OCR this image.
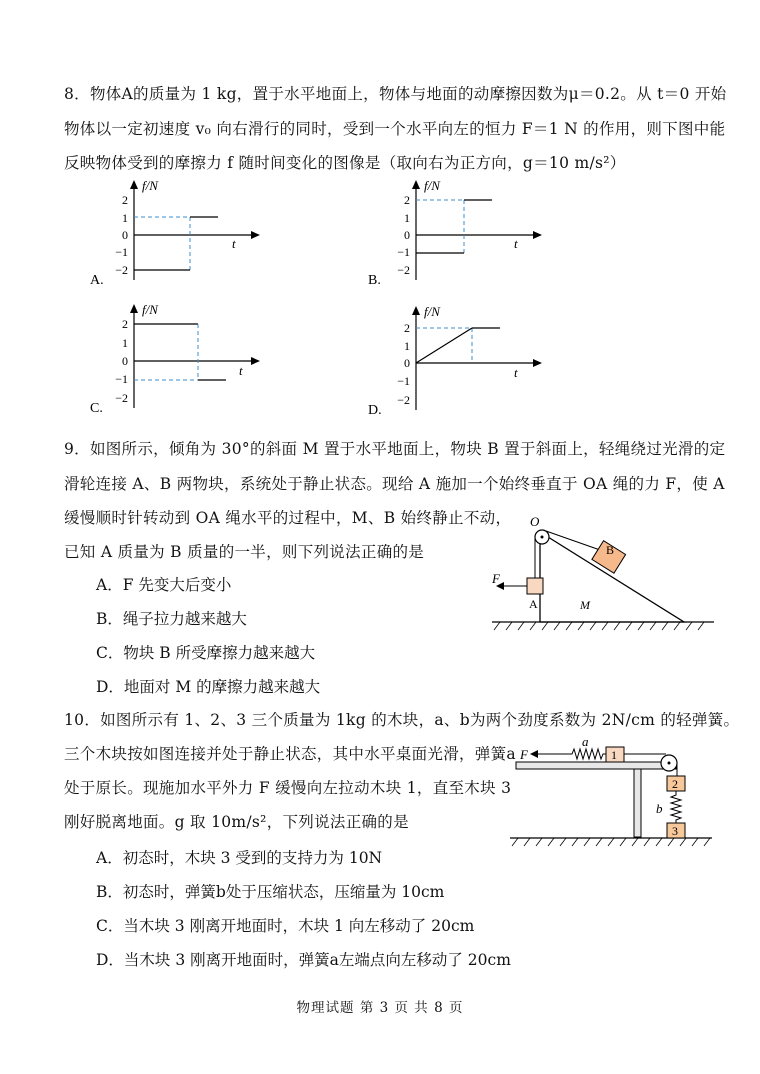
8．物体A的质量为 1 kg，置于水平地面上，物体与地面的动摩擦因数为μ＝0.2。从 t＝0 开始
物体以一定初速度 v₀ 向右滑行的同时，受到一个水平向左的恒力 F＝1 N 的作用，则下图中能
反映物体受到的摩擦力 f 随时间变化的图像是（取向右为正方向，g＝10 m/s²）
A.
f/N
t
2
1
0
−1
−2
B.
f/N
t
2
1
0
−1
−2
C.
f/N
t
2
1
0
−1
−2
D.
f/N
t
2
1
0
−1
−2
9．如图所示，倾角为 30°的斜面 M 置于水平地面上，物块 B 置于斜面上，轻绳绕过光滑的定
滑轮连接 A、B 两物块，系统处于静止状态。现给 A 施加一个始终垂直于 OA 绳的力 F，使 A
缓慢顺时针转动到 OA 绳水平的过程中，M、B 始终静止不动，
已知 A 质量为 B 质量的一半，则下列说法正确的是
A．F 先变大后变小
B．绳子拉力越来越大
C．物块 B 所受摩擦力越来越大
D．地面对 M 的摩擦力越来越大
O
B
F
A	M
10．如图所示有 1、2、3 三个质量为 1kg 的木块，a、b为两个劲度系数为 2N/cm 的轻弹簧。
三个木块按如图连接并处于静止状态，其中水平桌面光滑，弹簧a
处于原长。现施加水平外力 F 缓慢向左拉动木块 1，直至木块 3
刚好脱离地面。g 取 10m/s²，下列说法正确的是
A．初态时，木块 3 受到的支持力为 10N
B．初态时，弹簧b处于压缩状态，压缩量为 10cm
C．当木块 3 刚离开地面时，木块 1 向左移动了 20cm
D．当木块 3 刚离开地面时，弹簧a左端点向左移动了 20cm
F
a
1
2
b
3
物理试题 第 3 页 共 8 页
